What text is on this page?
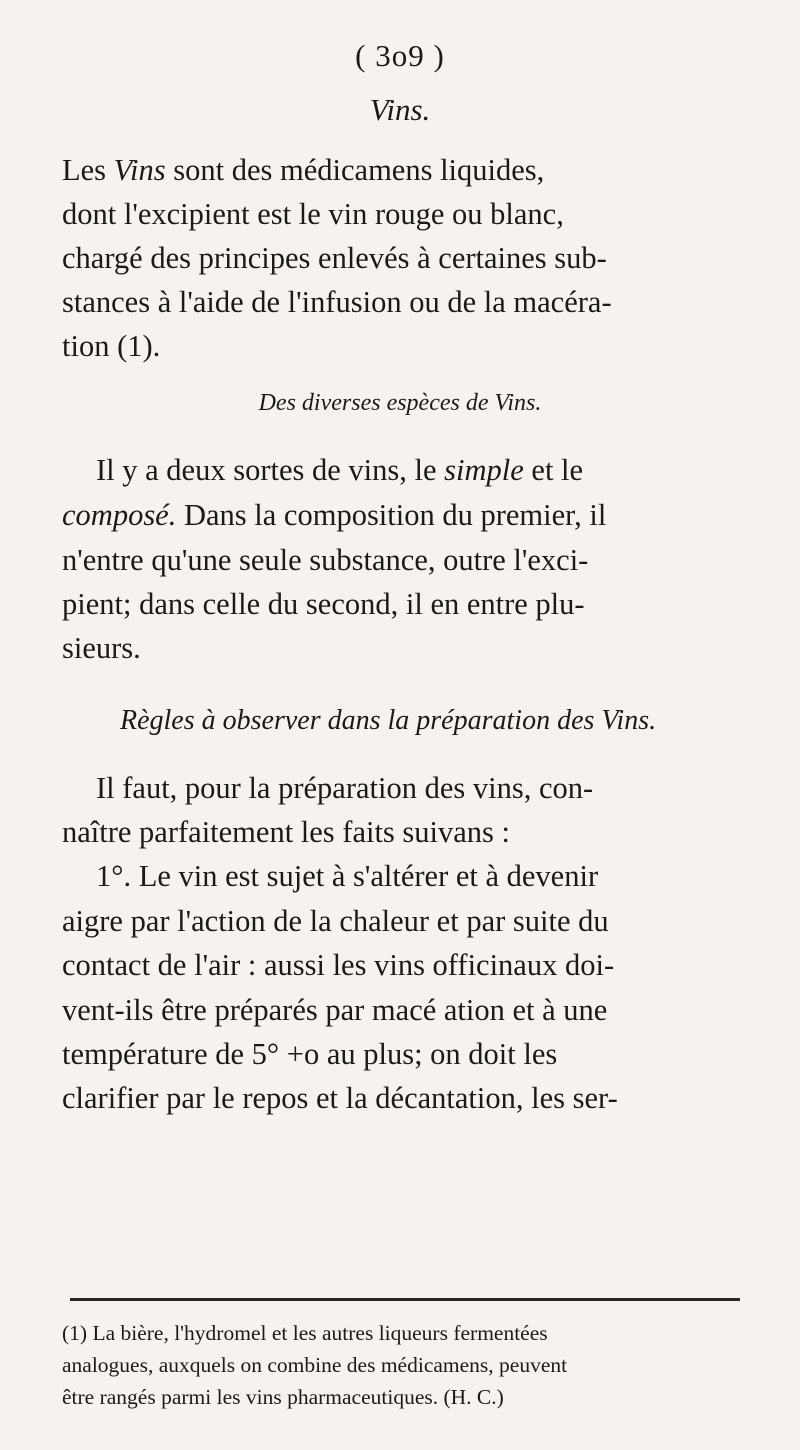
( 3o9 )
Vins.
Les Vins sont des médicamens liquides,
dont l'excipient est le vin rouge ou blanc,
chargé des principes enlevés à certaines sub-
stances à l'aide de l'infusion ou de la macéra-
tion (1).
Des diverses espèces de Vins.
Il y a deux sortes de vins, le simple et le
composé. Dans la composition du premier, il
n'entre qu'une seule substance, outre l'exci-
pient; dans celle du second, il en entre plu-
sieurs.
Règles à observer dans la préparation des Vins.
Il faut, pour la préparation des vins, con-
naître parfaitement les faits suivans :
1°. Le vin est sujet à s'altérer et à devenir
aigre par l'action de la chaleur et par suite du
contact de l'air : aussi les vins officinaux doi-
vent-ils être préparés par macé ation et à une
température de 5° +o au plus; on doit les
clarifier par le repos et la décantation, les ser-
(1) La bière, l'hydromel et les autres liqueurs fermentées
analogues, auxquels on combine des médicamens, peuvent
être rangés parmi les vins pharmaceutiques. (H. C.)
